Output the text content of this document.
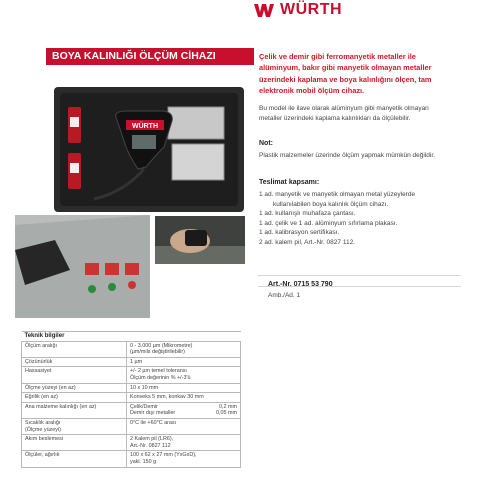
WÜRTH
BOYA KALINLIĞI ÖLÇÜM CİHAZI
WÜRTH
Çelik ve demir gibi ferromanyetik metaller ile alüminyum, bakır gibi manyetik olmayan metaller üzerindeki kaplama ve boya kalınlığını ölçen, tam elektronik mobil ölçüm cihazı.
Bu model ile ilave olarak alüminyum gibi manyetik olmayan metaller üzerindeki kaplama kalınlıkları da ölçülebilir.
Not:
Plastik malzemeler üzerinde ölçüm yapmak mümkün değildir.
Teslimat kapsamı:
1 ad. manyetik ve manyetik olmayan metal yüzeylerde
kullanılabilen boya kalınlık ölçüm cihazı.
1 ad. kullanışlı muhafaza çantası.
1 ad. çelik ve 1 ad. alüminyum sıfırlama plakası.
1 ad. kalibrasyon sertifikası.
2 ad. kalem pil, Art.-Nr. 0827 112.
Art.-Nr. 0715 53 790
Amb./Ad. 1
Teknik bilgiler	
Ölçüm aralığı	0 - 3.000 µm (Mikrometre)
(µm/mils değiştirilebilir)

Çözünürlük	1 µm
Hassasiyet	+/- 2 µm temel toleransı
Ölçüm değerinin % +/-3'ü

Ölçme yüzeyi (en az)	10 x 10 mm
Eğrilik (en az)	Konveks 5 mm, konkav 30 mm
Ana malzeme kalınlığı (en az)	Çelik/Demir 0,2 mm
Demir dışı metaller 0,05 mm

Sıcaklık aralığı
(Ölçme yüzeyi)	0°C ile +60°C arası
Akım beslemesi	2 Kalem pil (LR6),
Art.-Nr. 0827 112

Ölçüler, ağırlık	100 x 62 x 27 mm (YxGxD),
yakl. 150 g
